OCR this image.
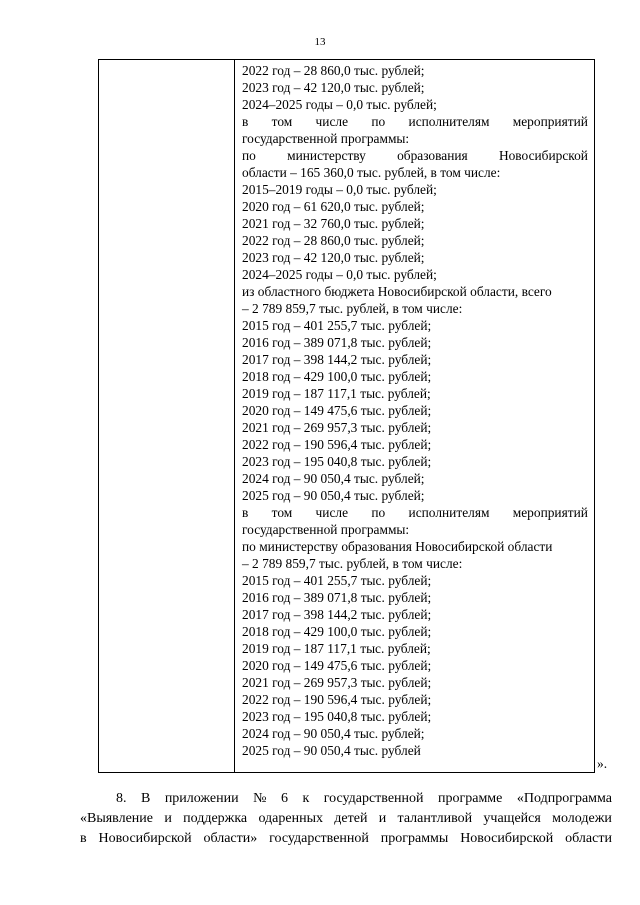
13
2022 год – 28 860,0 тыс. рублей;
2023 год – 42 120,0 тыс. рублей;
2024–2025 годы – 0,0 тыс. рублей;
в том числе по исполнителям мероприятий
государственной программы:
по министерству образования Новосибирской
области – 165 360,0 тыс. рублей, в том числе:
2015–2019 годы – 0,0 тыс. рублей;
2020 год – 61 620,0 тыс. рублей;
2021 год – 32 760,0 тыс. рублей;
2022 год – 28 860,0 тыс. рублей;
2023 год – 42 120,0 тыс. рублей;
2024–2025 годы – 0,0 тыс. рублей;
из областного бюджета Новосибирской области, всего
– 2 789 859,7 тыс. рублей, в том числе:
2015 год – 401 255,7 тыс. рублей;
2016 год – 389 071,8 тыс. рублей;
2017 год – 398 144,2 тыс. рублей;
2018 год – 429 100,0 тыс. рублей;
2019 год – 187 117,1 тыс. рублей;
2020 год – 149 475,6 тыс. рублей;
2021 год – 269 957,3 тыс. рублей;
2022 год – 190 596,4 тыс. рублей;
2023 год – 195 040,8 тыс. рублей;
2024 год – 90 050,4 тыс. рублей;
2025 год – 90 050,4 тыс. рублей;
в том числе по исполнителям мероприятий
государственной программы:
по министерству образования Новосибирской области
– 2 789 859,7 тыс. рублей, в том числе:
2015 год – 401 255,7 тыс. рублей;
2016 год – 389 071,8 тыс. рублей;
2017 год – 398 144,2 тыс. рублей;
2018 год – 429 100,0 тыс. рублей;
2019 год – 187 117,1 тыс. рублей;
2020 год – 149 475,6 тыс. рублей;
2021 год – 269 957,3 тыс. рублей;
2022 год – 190 596,4 тыс. рублей;
2023 год – 195 040,8 тыс. рублей;
2024 год – 90 050,4 тыс. рублей;
2025 год – 90 050,4 тыс. рублей
».
8. В приложении № 6 к государственной программе «Подпрограмма
«Выявление и поддержка одаренных детей и талантливой учащейся молодежи
в Новосибирской области» государственной программы Новосибирской области
